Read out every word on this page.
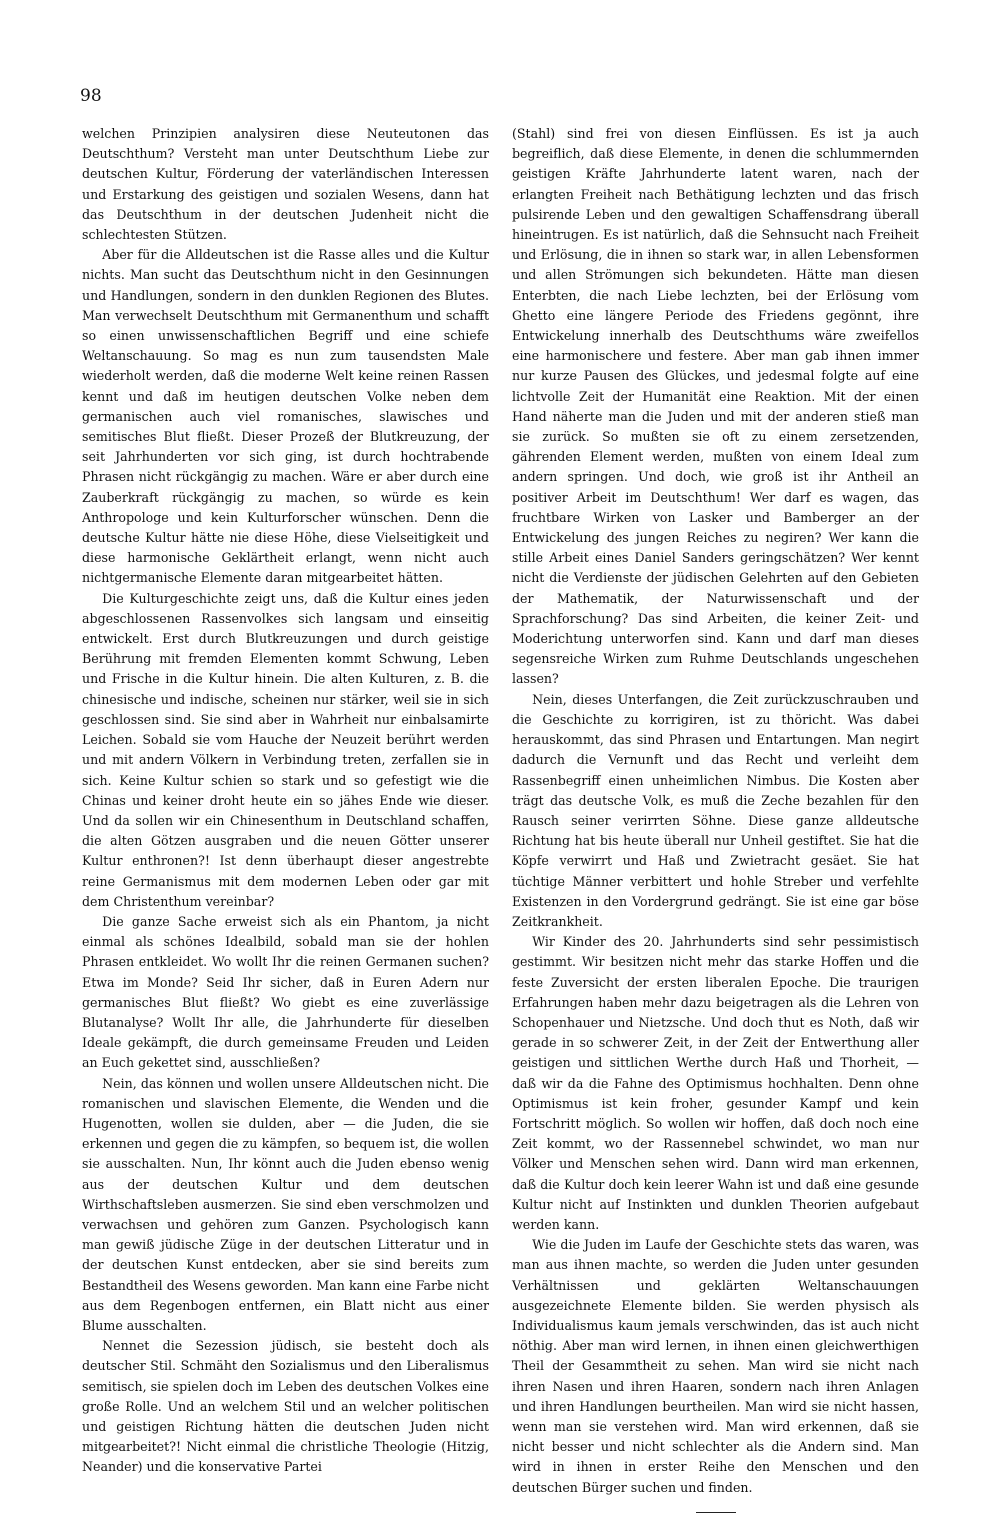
98

welchen Prinzipien analysiren diese Neuteutonen das Deutschthum? Versteht man unter Deutschthum Liebe zur deutschen Kultur, Förderung der vaterländischen Interessen und Erstarkung des geistigen und sozialen Wesens, dann hat das Deutschthum in der deutschen Judenheit nicht die schlechtesten Stützen.

Aber für die Alldeutschen ist die Rasse alles und die Kultur nichts. Man sucht das Deutschthum nicht in den Gesinnungen und Handlungen, sondern in den dunklen Regionen des Blutes. Man verwechselt Deutschthum mit Germanenthum und schafft so einen unwissenschaftlichen Begriff und eine schiefe Weltanschauung. So mag es nun zum tausendsten Male wiederholt werden, daß die moderne Welt keine reinen Rassen kennt und daß im heutigen deutschen Volke neben dem germanischen auch viel romanisches, slawisches und semitisches Blut fließt. Dieser Prozeß der Blutkreuzung, der seit Jahrhunderten vor sich ging, ist durch hochtrabende Phrasen nicht rückgängig zu machen. Wäre er aber durch eine Zauberkraft rückgängig zu machen, so würde es kein Anthropologe und kein Kulturforscher wünschen. Denn die deutsche Kultur hätte nie diese Höhe, diese Vielseitigkeit und diese harmonische Geklärtheit erlangt, wenn nicht auch nichtgermanische Elemente daran mitgearbeitet hätten.

Die Kulturgeschichte zeigt uns, daß die Kultur eines jeden abgeschlossenen Rassenvolkes sich langsam und einseitig entwickelt. Erst durch Blutkreuzungen und durch geistige Berührung mit fremden Elementen kommt Schwung, Leben und Frische in die Kultur hinein. Die alten Kulturen, z. B. die chinesische und indische, scheinen nur stärker, weil sie in sich geschlossen sind. Sie sind aber in Wahrheit nur einbalsamirte Leichen. Sobald sie vom Hauche der Neuzeit berührt werden und mit andern Völkern in Verbindung treten, zerfallen sie in sich. Keine Kultur schien so stark und so gefestigt wie die Chinas und keiner droht heute ein so jähes Ende wie dieser. Und da sollen wir ein Chinesenthum in Deutschland schaffen, die alten Götzen ausgraben und die neuen Götter unserer Kultur enthronen?! Ist denn überhaupt dieser angestrebte reine Germanismus mit dem modernen Leben oder gar mit dem Christenthum vereinbar?

Die ganze Sache erweist sich als ein Phantom, ja nicht einmal als schönes Idealbild, sobald man sie der hohlen Phrasen entkleidet. Wo wollt Ihr die reinen Germanen suchen? Etwa im Monde? Seid Ihr sicher, daß in Euren Adern nur germanisches Blut fließt? Wo giebt es eine zuverlässige Blutanalyse? Wollt Ihr alle, die Jahrhunderte für dieselben Ideale gekämpft, die durch gemeinsame Freuden und Leiden an Euch gekettet sind, ausschließen?

Nein, das können und wollen unsere Alldeutschen nicht. Die romanischen und slavischen Elemente, die Wenden und die Hugenotten, wollen sie dulden, aber — die Juden, die sie erkennen und gegen die zu kämpfen, so bequem ist, die wollen sie ausschalten. Nun, Ihr könnt auch die Juden ebenso wenig aus der deutschen Kultur und dem deutschen Wirthschaftsleben ausmerzen. Sie sind eben verschmolzen und verwachsen und gehören zum Ganzen. Psychologisch kann man gewiß jüdische Züge in der deutschen Litteratur und in der deutschen Kunst entdecken, aber sie sind bereits zum Bestandtheil des Wesens geworden. Man kann eine Farbe nicht aus dem Regenbogen entfernen, ein Blatt nicht aus einer Blume ausschalten.

Nennet die Sezession jüdisch, sie besteht doch als deutscher Stil. Schmäht den Sozialismus und den Liberalismus semitisch, sie spielen doch im Leben des deutschen Volkes eine große Rolle. Und an welchem Stil und an welcher politischen und geistigen Richtung hätten die deutschen Juden nicht mitgearbeitet?! Nicht einmal die christliche Theologie (Hitzig, Neander) und die konservative Partei

(Stahl) sind frei von diesen Einflüssen. Es ist ja auch begreiflich, daß diese Elemente, in denen die schlummernden geistigen Kräfte Jahrhunderte latent waren, nach der erlangten Freiheit nach Bethätigung lechzten und das frisch pulsirende Leben und den gewaltigen Schaffensdrang überall hineintrugen. Es ist natürlich, daß die Sehnsucht nach Freiheit und Erlösung, die in ihnen so stark war, in allen Lebensformen und allen Strömungen sich bekundeten. Hätte man diesen Enterbten, die nach Liebe lechzten, bei der Erlösung vom Ghetto eine längere Periode des Friedens gegönnt, ihre Entwickelung innerhalb des Deutschthums wäre zweifellos eine harmonischere und festere. Aber man gab ihnen immer nur kurze Pausen des Glückes, und jedesmal folgte auf eine lichtvolle Zeit der Humanität eine Reaktion. Mit der einen Hand näherte man die Juden und mit der anderen stieß man sie zurück. So mußten sie oft zu einem zersetzenden, gährenden Element werden, mußten von einem Ideal zum andern springen. Und doch, wie groß ist ihr Antheil an positiver Arbeit im Deutschthum! Wer darf es wagen, das fruchtbare Wirken von Lasker und Bamberger an der Entwickelung des jungen Reiches zu negiren? Wer kann die stille Arbeit eines Daniel Sanders geringschätzen? Wer kennt nicht die Verdienste der jüdischen Gelehrten auf den Gebieten der Mathematik, der Naturwissenschaft und der Sprachforschung? Das sind Arbeiten, die keiner Zeit- und Moderichtung unterworfen sind. Kann und darf man dieses segensreiche Wirken zum Ruhme Deutschlands ungeschehen lassen?

Nein, dieses Unterfangen, die Zeit zurückzuschrauben und die Geschichte zu korrigiren, ist zu thöricht. Was dabei herauskommt, das sind Phrasen und Entartungen. Man negirt dadurch die Vernunft und das Recht und verleiht dem Rassenbegriff einen unheimlichen Nimbus. Die Kosten aber trägt das deutsche Volk, es muß die Zeche bezahlen für den Rausch seiner verirrten Söhne. Diese ganze alldeutsche Richtung hat bis heute überall nur Unheil gestiftet. Sie hat die Köpfe verwirrt und Haß und Zwietracht gesäet. Sie hat tüchtige Männer verbittert und hohle Streber und verfehlte Existenzen in den Vordergrund gedrängt. Sie ist eine gar böse Zeitkrankheit.

Wir Kinder des 20. Jahrhunderts sind sehr pessimistisch gestimmt. Wir besitzen nicht mehr das starke Hoffen und die feste Zuversicht der ersten liberalen Epoche. Die traurigen Erfahrungen haben mehr dazu beigetragen als die Lehren von Schopenhauer und Nietzsche. Und doch thut es Noth, daß wir gerade in so schwerer Zeit, in der Zeit der Entwerthung aller geistigen und sittlichen Werthe durch Haß und Thorheit, — daß wir da die Fahne des Optimismus hochhalten. Denn ohne Optimismus ist kein froher, gesunder Kampf und kein Fortschritt möglich. So wollen wir hoffen, daß doch noch eine Zeit kommt, wo der Rassennebel schwindet, wo man nur Völker und Menschen sehen wird. Dann wird man erkennen, daß die Kultur doch kein leerer Wahn ist und daß eine gesunde Kultur nicht auf Instinkten und dunklen Theorien aufgebaut werden kann.

Wie die Juden im Laufe der Geschichte stets das waren, was man aus ihnen machte, so werden die Juden unter gesunden Verhältnissen und geklärten Weltanschauungen ausgezeichnete Elemente bilden. Sie werden physisch als Individualismus kaum jemals verschwinden, das ist auch nicht nöthig. Aber man wird lernen, in ihnen einen gleichwerthigen Theil der Gesammtheit zu sehen. Man wird sie nicht nach ihren Nasen und ihren Haaren, sondern nach ihren Anlagen und ihren Handlungen beurtheilen. Man wird sie nicht hassen, wenn man sie verstehen wird. Man wird erkennen, daß sie nicht besser und nicht schlechter als die Andern sind. Man wird in ihnen in erster Reihe den Menschen und den deutschen Bürger suchen und finden.
